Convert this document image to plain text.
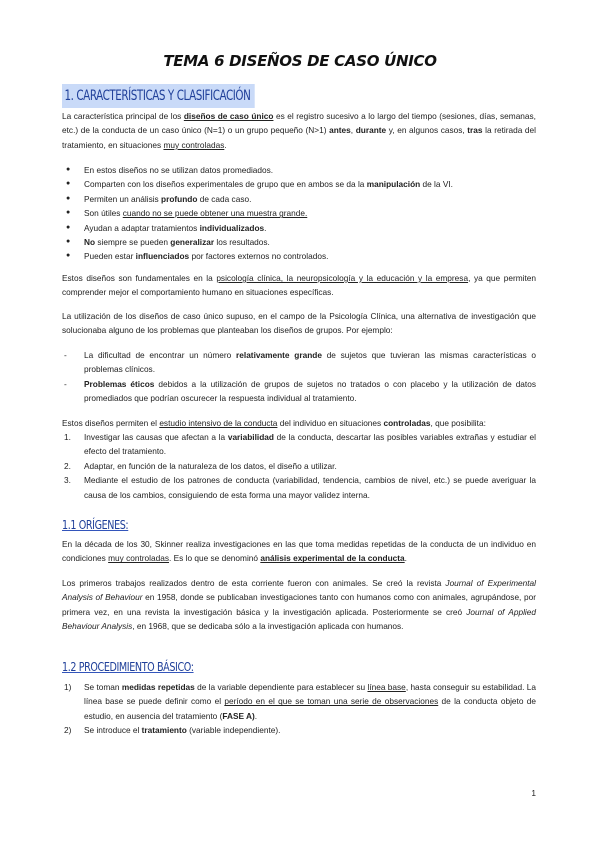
TEMA 6 DISEÑOS DE CASO ÚNICO
1. CARACTERÍSTICAS Y CLASIFICACIÓN

La característica principal de los diseños de caso único es el registro sucesivo a lo largo del tiempo (sesiones, días, semanas, etc.) de la conducta de un caso único (N=1) o un grupo pequeño (N>1) antes, durante y, en algunos casos, tras la retirada del tratamiento, en situaciones muy controladas.

● En estos diseños no se utilizan datos promediados.
● Comparten con los diseños experimentales de grupo que en ambos se da la manipulación de la VI.
● Permiten un análisis profundo de cada caso.
● Son útiles cuando no se puede obtener una muestra grande.
● Ayudan a adaptar tratamientos individualizados.
● No siempre se pueden generalizar los resultados.
● Pueden estar influenciados por factores externos no controlados.

Estos diseños son fundamentales en la psicología clínica, la neuropsicología y la educación y la empresa, ya que permiten comprender mejor el comportamiento humano en situaciones específicas.

La utilización de los diseños de caso único supuso, en el campo de la Psicología Clínica, una alternativa de investigación que solucionaba alguno de los problemas que planteaban los diseños de grupos. Por ejemplo:

- La dificultad de encontrar un número relativamente grande de sujetos que tuvieran las mismas características o problemas clínicos.
- Problemas éticos debidos a la utilización de grupos de sujetos no tratados o con placebo y la utilización de datos promediados que podrían oscurecer la respuesta individual al tratamiento.

Estos diseños permiten el estudio intensivo de la conducta del individuo en situaciones controladas, que posibilita:

1. Investigar las causas que afectan a la variabilidad de la conducta, descartar las posibles variables extrañas y estudiar el efecto del tratamiento.
2. Adaptar, en función de la naturaleza de los datos, el diseño a utilizar.
3. Mediante el estudio de los patrones de conducta (variabilidad, tendencia, cambios de nivel, etc.) se puede averiguar la causa de los cambios, consiguiendo de esta forma una mayor validez interna.
1.1 ORÍGENES:

En la década de los 30, Skinner realiza investigaciones en las que toma medidas repetidas de la conducta de un individuo en condiciones muy controladas. Es lo que se denominó análisis experimental de la conducta.

Los primeros trabajos realizados dentro de esta corriente fueron con animales. Se creó la revista Journal of Experimental Analysis of Behaviour en 1958, donde se publicaban investigaciones tanto con humanos como con animales, agrupándose, por primera vez, en una revista la investigación básica y la investigación aplicada. Posteriormente se creó Journal of Applied Behaviour Analysis, en 1968, que se dedicaba sólo a la investigación aplicada con humanos.

1.2 PROCEDIMIENTO BÁSICO:
1) Se toman medidas repetidas de la variable dependiente para establecer su línea base, hasta conseguir su estabilidad. La línea base se puede definir como el período en el que se toman una serie de observaciones de la conducta objeto de estudio, en ausencia del tratamiento (FASE A).
2) Se introduce el tratamiento (variable independiente).
1
